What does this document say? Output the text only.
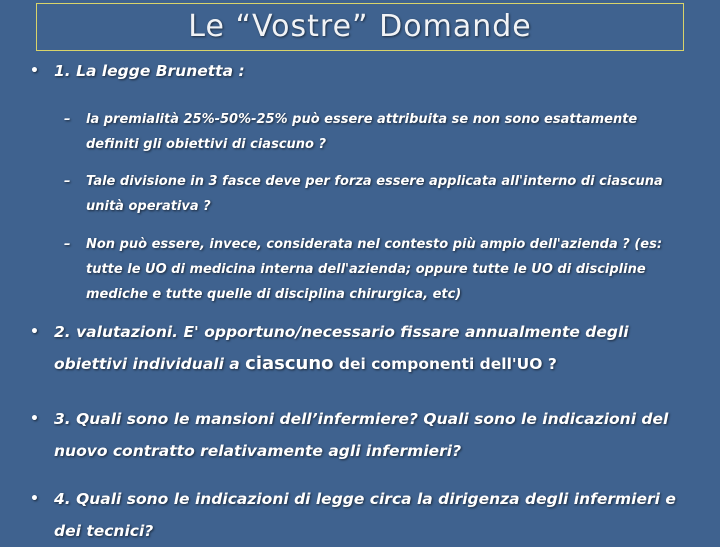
Le “Vostre” Domande
• 1. La legge Brunetta :
–	la premialità 25%-50%-25% può essere attribuita se non sono esattamente definiti gli obiettivi di ciascuno ?
–	Tale divisione in 3 fasce deve per forza essere applicata all'interno di ciascuna unità operativa ?
–	Non può essere, invece, considerata nel contesto più ampio dell'azienda ? (es: tutte le UO di medicina interna dell'azienda; oppure tutte le UO di discipline mediche e tutte quelle di disciplina chirurgica, etc)
• 2. valutazioni. E' opportuno/necessario fissare annualmente degli obiettivi individuali a ciascuno dei componenti dell'UO ?
• 3. Quali sono le mansioni dell’infermiere? Quali sono le indicazioni del nuovo contratto relativamente agli infermieri?
• 4. Quali sono le indicazioni di legge circa la dirigenza degli infermieri e dei tecnici?
